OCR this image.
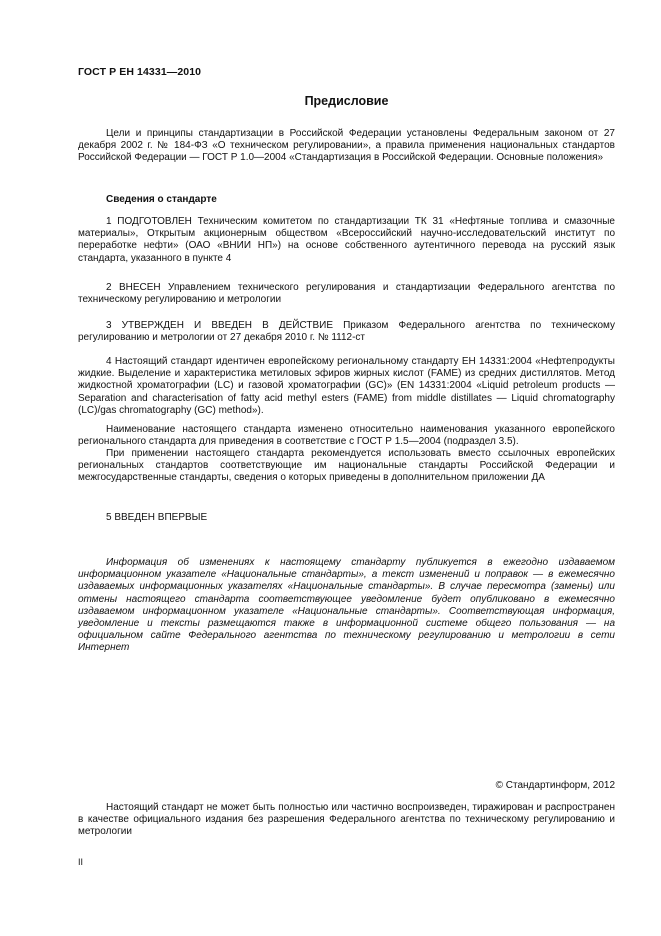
ГОСТ Р ЕН 14331—2010
Предисловие
Цели и принципы стандартизации в Российской Федерации установлены Федеральным законом от 27 декабря 2002 г. № 184-ФЗ «О техническом регулировании», а правила применения национальных стандартов Российской Федерации — ГОСТ Р 1.0—2004 «Стандартизация в Российской Федерации. Основные положения»
Сведения о стандарте
1 ПОДГОТОВЛЕН Техническим комитетом по стандартизации ТК 31 «Нефтяные топлива и смазочные материалы», Открытым акционерным обществом «Всероссийский научно-исследовательский институт по переработке нефти» (ОАО «ВНИИ НП») на основе собственного аутентичного перевода на русский язык стандарта, указанного в пункте 4
2 ВНЕСЕН Управлением технического регулирования и стандартизации Федерального агентства по техническому регулированию и метрологии
3 УТВЕРЖДЕН И ВВЕДЕН В ДЕЙСТВИЕ Приказом Федерального агентства по техническому регулированию и метрологии от 27 декабря 2010 г. № 1112-ст
4 Настоящий стандарт идентичен европейскому региональному стандарту ЕН 14331:2004 «Нефтепродукты жидкие. Выделение и характеристика метиловых эфиров жирных кислот (FAME) из средних дистиллятов. Метод жидкостной хроматографии (LC) и газовой хроматографии (GC)» (EN 14331:2004 «Liquid petroleum products — Separation and characterisation of fatty acid methyl esters (FAME) from middle distillates — Liquid chromatography (LC)/gas chromatography (GC) method»).
Наименование настоящего стандарта изменено относительно наименования указанного европейского регионального стандарта для приведения в соответствие с ГОСТ Р 1.5—2004 (подраздел 3.5).
При применении настоящего стандарта рекомендуется использовать вместо ссылочных европейских региональных стандартов соответствующие им национальные стандарты Российской Федерации и межгосударственные стандарты, сведения о которых приведены в дополнительном приложении ДА
5 ВВЕДЕН ВПЕРВЫЕ
Информация об изменениях к настоящему стандарту публикуется в ежегодно издаваемом информационном указателе «Национальные стандарты», а текст изменений и поправок — в ежемесячно издаваемых информационных указателях «Национальные стандарты». В случае пересмотра (замены) или отмены настоящего стандарта соответствующее уведомление будет опубликовано в ежемесячно издаваемом информационном указателе «Национальные стандарты». Соответствующая информация, уведомление и тексты размещаются также в информационной системе общего пользования — на официальном сайте Федерального агентства по техническому регулированию и метрологии в сети Интернет
© Стандартинформ, 2012
Настоящий стандарт не может быть полностью или частично воспроизведен, тиражирован и распространен в качестве официального издания без разрешения Федерального агентства по техническому регулированию и метрологии
II
